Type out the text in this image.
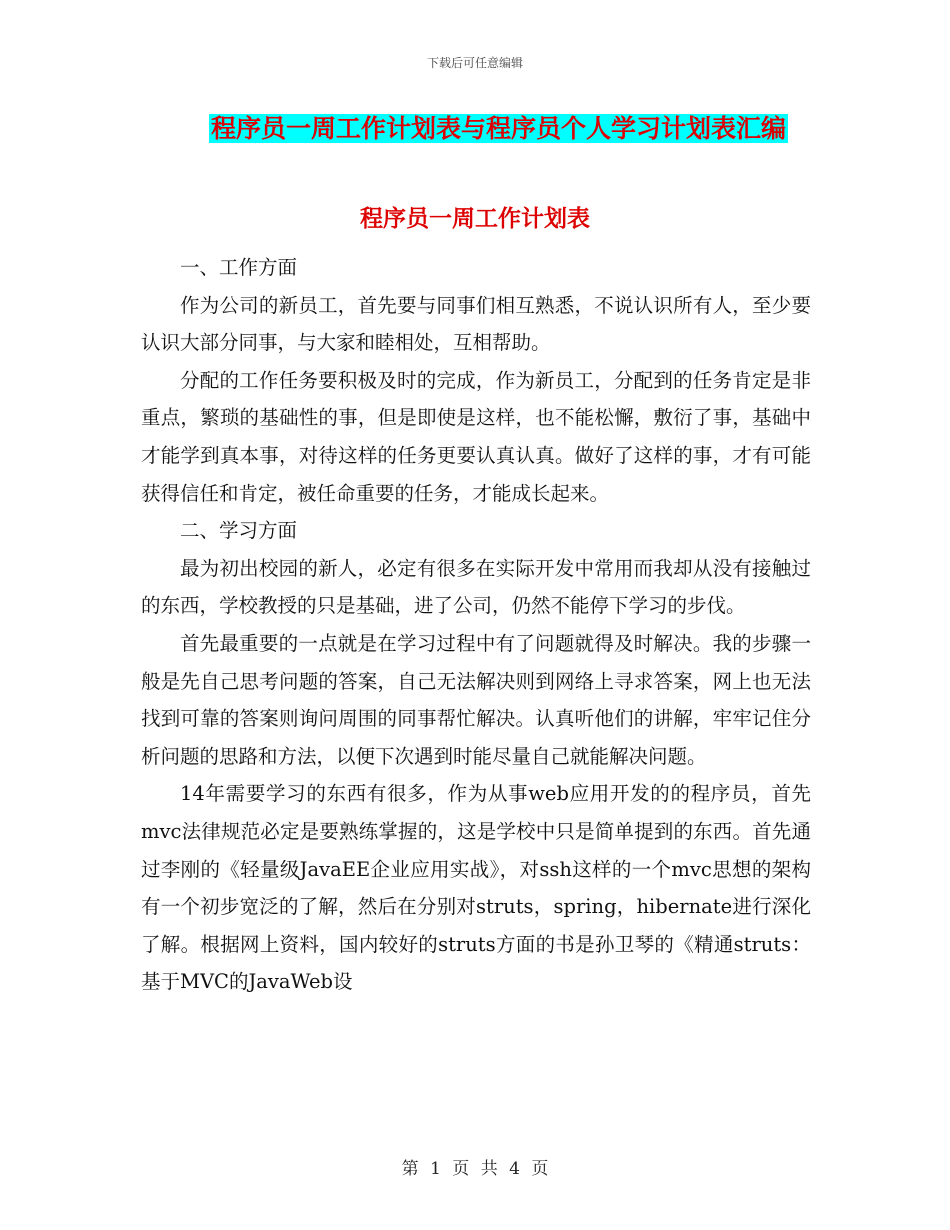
下载后可任意编辑
程序员一周工作计划表与程序员个人学习计划表汇编
程序员一周工作计划表

一、工作方面

作为公司的新员工，首先要与同事们相互熟悉，不说认识所有人，至少要认识大部分同事，与大家和睦相处，互相帮助。

分配的工作任务要积极及时的完成，作为新员工，分配到的任务肯定是非重点，繁琐的基础性的事，但是即使是这样，也不能松懈，敷衍了事，基础中才能学到真本事，对待这样的任务更要认真认真。做好了这样的事，才有可能获得信任和肯定，被任命重要的任务，才能成长起来。

二、学习方面

最为初出校园的新人，必定有很多在实际开发中常用而我却从没有接触过的东西，学校教授的只是基础，进了公司，仍然不能停下学习的步伐。

首先最重要的一点就是在学习过程中有了问题就得及时解决。我的步骤一般是先自己思考问题的答案，自己无法解决则到网络上寻求答案，网上也无法找到可靠的答案则询问周围的同事帮忙解决。认真听他们的讲解，牢牢记住分析问题的思路和方法，以便下次遇到时能尽量自己就能解决问题。

14年需要学习的东西有很多，作为从事web应用开发的的程序员，首先mvc法律规范必定是要熟练掌握的，这是学校中只是简单提到的东西。首先通过李刚的《轻量级JavaEE企业应用实战》，对ssh这样的一个mvc思想的架构有一个初步宽泛的了解，然后在分别对struts，spring，hibernate进行深化了解。根据网上资料，国内较好的struts方面的书是孙卫琴的《精通struts：基于MVC的JavaWeb设

第 1 页 共 4 页
